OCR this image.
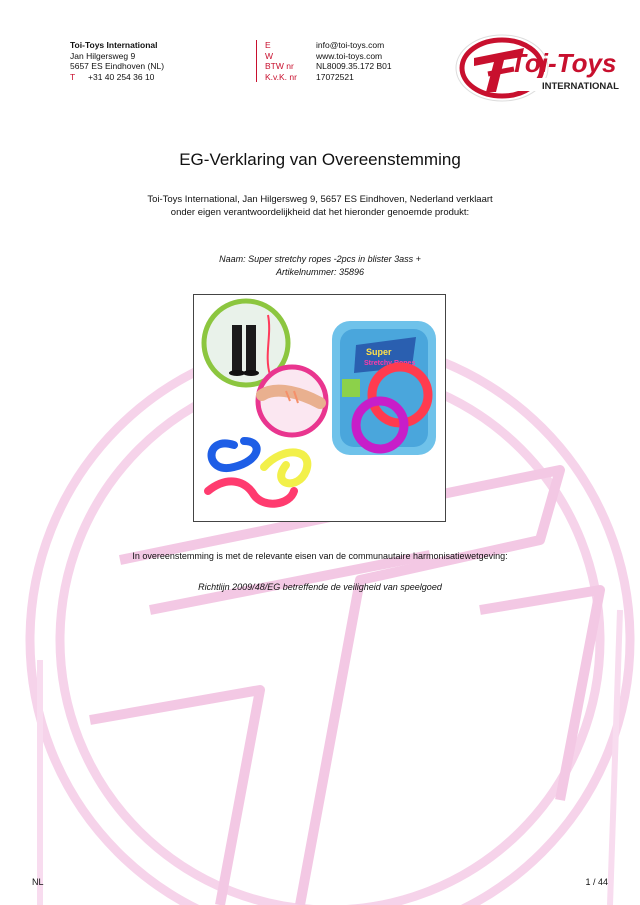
Toi-Toys International
Jan Hilgersweg 9
5657 ES Eindhoven (NL)
T +31 40 254 36 10
E	info@toi-toys.com
W	www.toi-toys.com
BTW nr	NL8009.35.172 B01
K.v.K. nr 17072521	Toi-Toys
INTERNATIONAL
EG-Verklaring van Overeenstemming
Toi-Toys International, Jan Hilgersweg 9, 5657 ES Eindhoven, Nederland verklaart
onder eigen verantwoordelijkheid dat het hieronder genoemde produkt:
Naam: Super stretchy ropes -2pcs in blister 3ass +
Artikelnummer: 35896
Super
Stretchy Ropes
In overeenstemming is met de relevante eisen van de communautaire harmonisatiewetgeving:
Richtlijn 2009/48/EG betreffende de veiligheid van speelgoed
NL	1 / 44
